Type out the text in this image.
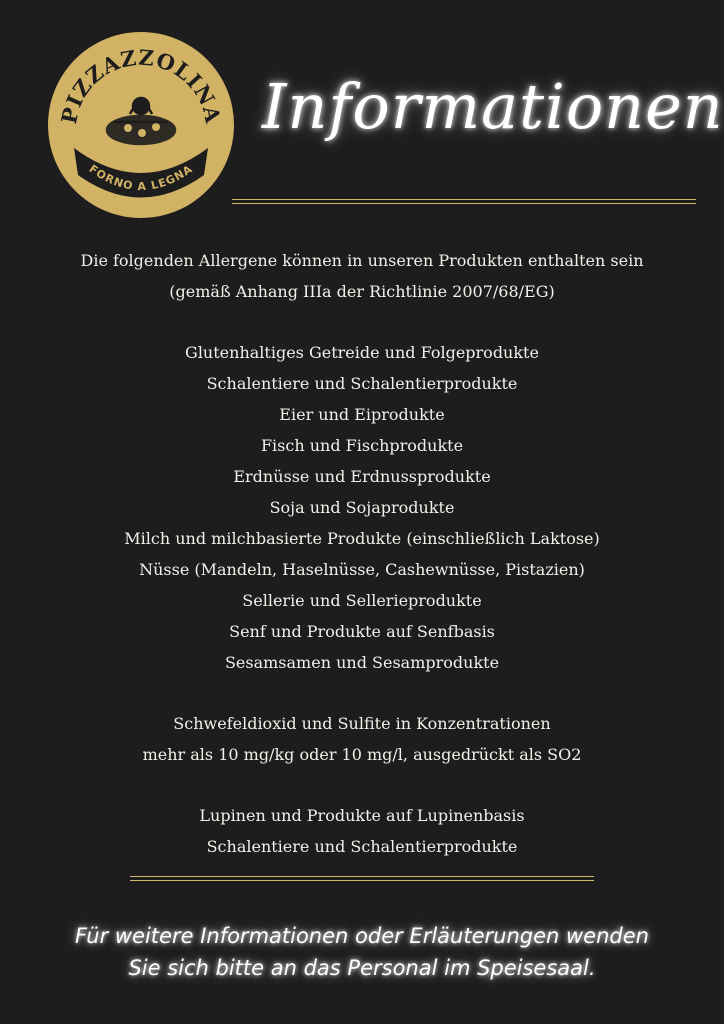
PIZZAZZOLINA
FORNO A LEGNA
Informationen
Die folgenden Allergene können in unseren Produkten enthalten sein
(gemäß Anhang IIIa der Richtlinie 2007/68/EG)
Glutenhaltiges Getreide und Folgeprodukte
Schalentiere und Schalentierprodukte
Eier und Eiprodukte
Fisch und Fischprodukte
Erdnüsse und Erdnussprodukte
Soja und Sojaprodukte
Milch und milchbasierte Produkte (einschließlich Laktose)
Nüsse (Mandeln, Haselnüsse, Cashewnüsse, Pistazien)
Sellerie und Sellerieprodukte
Senf und Produkte auf Senfbasis
Sesamsamen und Sesamprodukte
Schwefeldioxid und Sulfite in Konzentrationen
mehr als 10 mg/kg oder 10 mg/l, ausgedrückt als SO2
Lupinen und Produkte auf Lupinenbasis
Schalentiere und Schalentierprodukte
Für weitere Informationen oder Erläuterungen wenden
Sie sich bitte an das Personal im Speisesaal.
